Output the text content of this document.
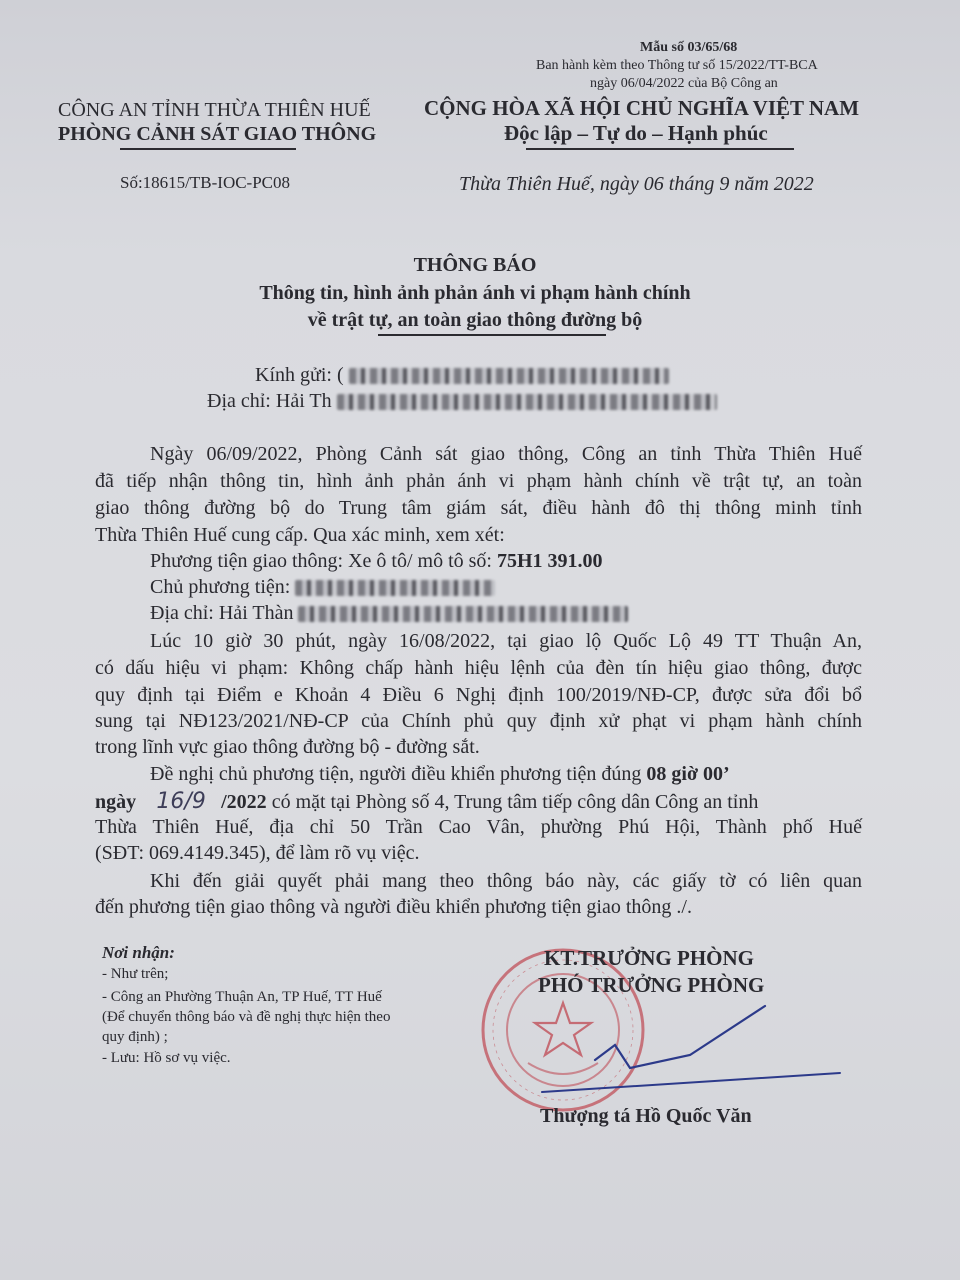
Mẫu số 03/65/68
Ban hành kèm theo Thông tư số 15/2022/TT-BCA
ngày 06/04/2022 của Bộ Công an
CÔNG AN TỈNH THỪA THIÊN HUẾ
PHÒNG CẢNH SÁT GIAO THÔNG
Số:18615/TB-IOC-PC08
CỘNG HÒA XÃ HỘI CHỦ NGHĨA VIỆT NAM
Độc lập – Tự do – Hạnh phúc
Thừa Thiên Huế, ngày 06 tháng 9 năm 2022
THÔNG BÁO
Thông tin, hình ảnh phản ánh vi phạm hành chính
về trật tự, an toàn giao thông đường bộ
Kính gửi: (
Địa chỉ: Hải Th
Ngày 06/09/2022, Phòng Cảnh sát giao thông, Công an tỉnh Thừa Thiên Huế
đã tiếp nhận thông tin, hình ảnh phản ánh vi phạm hành chính về trật tự, an toàn
giao thông đường bộ do Trung tâm giám sát, điều hành đô thị thông minh tỉnh
Thừa Thiên Huế cung cấp. Qua xác minh, xem xét:
Phương tiện giao thông: Xe ô tô/ mô tô số: 75H1 391.00
Chủ phương tiện:
Địa chỉ: Hải Thàn
Lúc 10 giờ 30 phút, ngày 16/08/2022, tại giao lộ Quốc Lộ 49 TT Thuận An,
có dấu hiệu vi phạm: Không chấp hành hiệu lệnh của đèn tín hiệu giao thông, được
quy định tại Điểm e Khoản 4 Điều 6 Nghị định 100/2019/NĐ-CP, được sửa đổi bổ
sung tại NĐ123/2021/NĐ-CP của Chính phủ quy định xử phạt vi phạm hành chính
trong lĩnh vực giao thông đường bộ - đường sắt.
Đề nghị chủ phương tiện, người điều khiển phương tiện đúng 08 giờ 00’
ngày 16/9 /2022 có mặt tại Phòng số 4, Trung tâm tiếp công dân Công an tỉnh
Thừa Thiên Huế, địa chỉ 50 Trần Cao Vân, phường Phú Hội, Thành phố Huế
(SĐT: 069.4149.345), để làm rõ vụ việc.
Khi đến giải quyết phải mang theo thông báo này, các giấy tờ có liên quan
đến phương tiện giao thông và người điều khiển phương tiện giao thông ./.
Nơi nhận:
- Như trên;
- Công an Phường Thuận An, TP Huế, TT Huế
(Để chuyển thông báo và đề nghị thực hiện theo
quy định) ;
- Lưu: Hồ sơ vụ việc.
KT.TRƯỞNG PHÒNG
PHÓ TRƯỞNG PHÒNG
Thượng tá Hồ Quốc Văn
